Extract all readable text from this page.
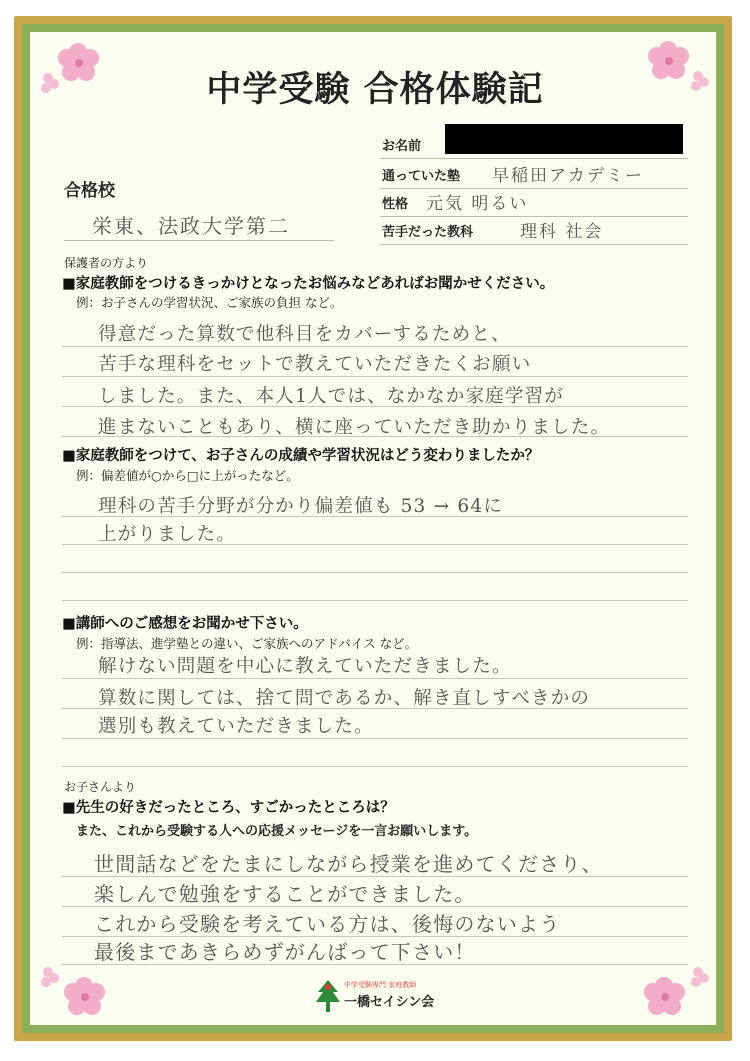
中学受験 合格体験記
お名前
通っていた塾 早稲田アカデミー
性格 元気 明るい
苦手だった教科	理科 社会
合格校
栄東、法政大学第二
保護者の方より
■家庭教師をつけるきっかけとなったお悩みなどあればお聞かせください。
例：お子さんの学習状況、ご家族の負担 など。
得意だった算数で他科目をカバーするためと、
苦手な理科をセットで教えていただきたくお願い
しました。また、本人1人では、なかなか家庭学習が
進まないこともあり、横に座っていただき助かりました。
■家庭教師をつけて、お子さんの成績や学習状況はどう変わりましたか？
例：偏差値が○から□に上がったなど。
理科の苦手分野が分かり偏差値も 53 → 64に
上がりました。
■講師へのご感想をお聞かせ下さい。
例：指導法、進学塾との違い、ご家族へのアドバイス など。
解けない問題を中心に教えていただきました。
算数に関しては、捨て問であるか、解き直しすべきかの
選別も教えていただきました。
お子さんより
■先生の好きだったところ、すごかったところは？
また、これから受験する人への応援メッセージを一言お願いします。
世間話などをたまにしながら授業を進めてくださり、
楽しんで勉強をすることができました。
これから受験を考えている方は、後悔のないよう
最後まであきらめずがんばって下さい！
中学受験専門 家庭教師
一橋セイシン会
